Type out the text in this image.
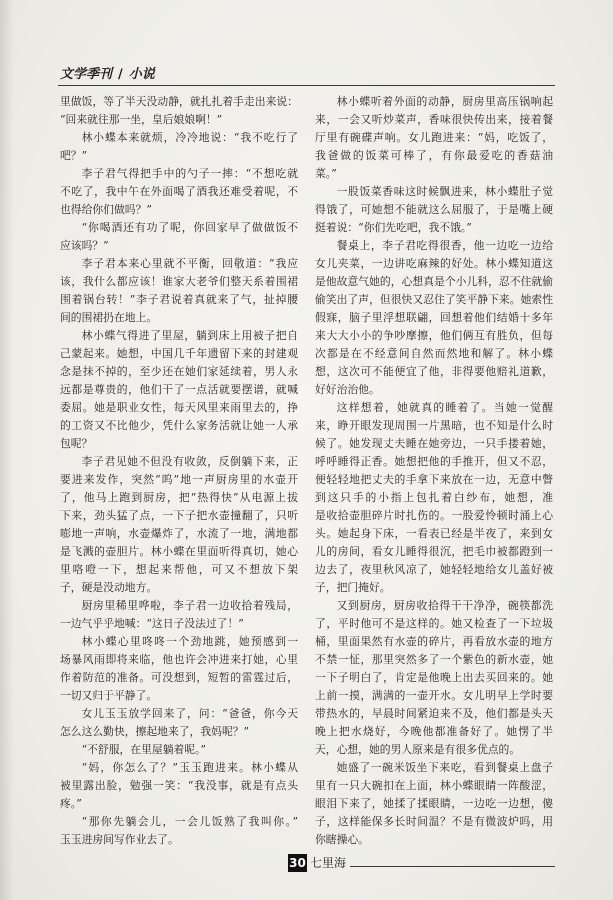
文学季刊 / 小说
里做饭，等了半天没动静，就扎扎着手走出来说：
“回来就往那一坐，皇后娘娘啊！”
林小蝶本来就烦，冷冷地说：“我不吃行了
吧？”
李子君气得把手中的勺子一摔：“不想吃就
不吃了，我中午在外面喝了酒我还难受着呢，不
也得给你们做吗？”
“你喝酒还有功了呢，你回家早了做做饭不
应该吗？”
李子君本来心里就不平衡，回敬道：“我应
该，我什么都应该！谁家大老爷们整天系着围裙
围着锅台转！”李子君说着真就来了气，扯掉腰
间的围裙扔在地上。
林小蝶气得进了里屋，躺到床上用被子把自
己蒙起来。她想，中国几千年遗留下来的封建观
念是抹不掉的，至少还在她们家延续着，男人永
远都是尊贵的，他们干了一点活就要摆谱，就喊
委屈。她是职业女性，每天风里来雨里去的，挣
的工资又不比他少，凭什么家务活就让她一人承
包呢？
李子君见她不但没有收敛，反倒躺下来，正
要进来发作，突然“呜”地一声厨房里的水壶开
了，他马上跑到厨房，把“热得快”从电源上拔
下来，劲头猛了点，一下子把水壶撞翻了，只听
嘭地一声响，水壶爆炸了，水流了一地，满地都
是飞溅的壶胆片。林小蝶在里面听得真切，她心
里咯噔一下，想起来帮他，可又不想放下架
子，硬是没动地方。
厨房里稀里哗啦，李子君一边收拾着残局，
一边气乎乎地喊：“这日子没法过了！”
林小蝶心里咚咚一个劲地跳，她预感到一
场暴风雨即将来临，他也许会冲进来打她，心里
作着防范的准备。可没想到，短暂的雷霆过后，
一切又归于平静了。
女儿玉玉放学回来了，问：“爸爸，你今天
怎么这么勤快，擦起地来了，我妈呢？”
“不舒服，在里屋躺着呢。”
“妈，你怎么了？”玉玉跑进来。林小蝶从
被里露出脸，勉强一笑：“我没事，就是有点头
疼。”
“那你先躺会儿，一会儿饭熟了我叫你。”
玉玉进房间写作业去了。
林小蝶听着外面的动静，厨房里高压锅响起
来，一会又听炒菜声，香味很快传出来，接着餐
厅里有碗碟声响。女儿跑进来：“妈，吃饭了，
我爸做的饭菜可棒了，有你最爱吃的香菇油
菜。”
一股饭菜香味这时候飘进来，林小蝶肚子觉
得饿了，可她想不能就这么屈服了，于是嘴上硬
挺着说：“你们先吃吧，我不饿。”
餐桌上，李子君吃得很香，他一边吃一边给
女儿夹菜，一边讲吃麻辣的好处。林小蝶知道这
是他故意气她的，心想真是个小儿科，忍不住就偷
偷笑出了声，但很快又忍住了笑平静下来。她索性
假寐，脑子里浮想联翩，回想着他们结婚十多年
来大大小小的争吵摩擦，他们俩互有胜负，但每
次都是在不经意间自然而然地和解了。林小蝶
想，这次可不能便宜了他，非得要他赔礼道歉，
好好治治他。
这样想着，她就真的睡着了。当她一觉醒
来，睁开眼发现周围一片黑暗，也不知是什么时
候了。她发现丈夫睡在她旁边，一只手搂着她，
呼呼睡得正香。她想把他的手推开，但又不忍，
便轻轻地把丈夫的手拿下来放在一边，无意中瞥
到这只手的小指上包扎着白纱布，她想，准
是收拾壶胆碎片时扎伤的。一股爱怜顿时涌上心
头。她起身下床，一看表已经是半夜了，来到女
儿的房间，看女儿睡得很沉，把毛巾被都蹬到一
边去了，夜里秋风凉了，她轻轻地给女儿盖好被
子，把门掩好。
又到厨房，厨房收拾得干干净净，碗筷都洗
了，平时他可不是这样的。她又检查了一下垃圾
桶，里面果然有水壶的碎片，再看放水壶的地方
不禁一怔，那里突然多了一个紫色的新水壶，她
一下子明白了，肯定是他晚上出去买回来的。她
上前一摸，满满的一壶开水。女儿明早上学时要
带热水的，早晨时间紧迫来不及，他们都是头天
晚上把水烧好，今晚他都准备好了。她愣了半
天，心想，她的男人原来是有很多优点的。
她盛了一碗米饭坐下来吃，看到餐桌上盘子
里有一只大碗扣在上面，林小蝶眼睛一阵酸涩，
眼泪下来了，她揉了揉眼睛，一边吃一边想，傻
子，这样能保多长时间温？不是有微波炉吗，用
你瞎操心。
30 七里海
